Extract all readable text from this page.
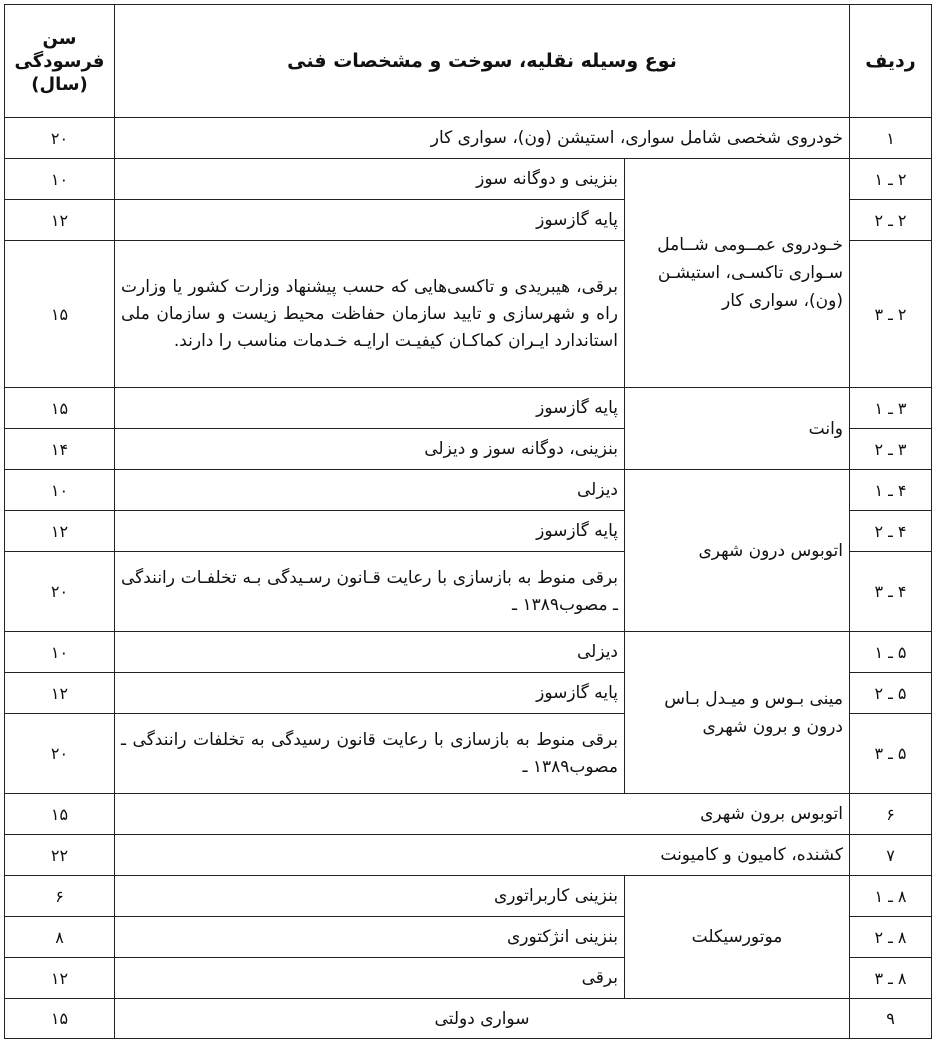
ردیف	نوع وسیله نقلیه، سوخت و مشخصات فنی		سن
فرسودگی
(سال)

۱	خودروی شخصی شامل سواری، استیشن (ون)، سواری کار		۲۰
۲ ـ ۱	خـودروی عمــومی شــامل سـواری تاکسـی، استیشـن (ون)، سواری کار	بنزینی و دوگانه سوز	۱۰
۲ ـ ۲		پایه گازسوز	۱۲
۲ ـ ۳		برقی، هیبریدی و تاکسی‌هایی که حسب پیشنهاد وزارت کشور یا وزارت راه و شهرسازی و تایید سازمان حفاظت محیط زیست و سازمان ملی استاندارد ایـران کماکـان کیفیـت ارایـه خـدمات مناسب را دارند.	۱۵
۳ ـ ۱	وانت	پایه گازسوز	۱۵
۳ ـ ۲		بنزینی، دوگانه سوز و دیزلی	۱۴
۴ ـ ۱	اتوبوس درون شهری	دیزلی	۱۰
۴ ـ ۲		پایه گازسوز	۱۲
۴ ـ ۳		برقی منوط به بازسازی با رعایت قـانون رسـیدگی بـه تخلفـات رانندگی ـ مصوب۱۳۸۹ ـ	۲۰
۵ ـ ۱	مینی بـوس و میـدل بـاس درون و برون شهری	دیزلی	۱۰
۵ ـ ۲		پایه گازسوز	۱۲
۵ ـ ۳		برقی منوط به بازسازی با رعایت قانون رسیدگی به تخلفات رانندگی ـ مصوب۱۳۸۹ ـ	۲۰
۶	اتوبوس برون شهری		۱۵
۷	کشنده، کامیون و کامیونت		۲۲
۸ ـ ۱	موتورسیکلت	بنزینی کاربراتوری	۶
۸ ـ ۲		بنزینی انژکتوری	۸
۸ ـ ۳		برقی	۱۲
۹	سواری دولتی		۱۵
